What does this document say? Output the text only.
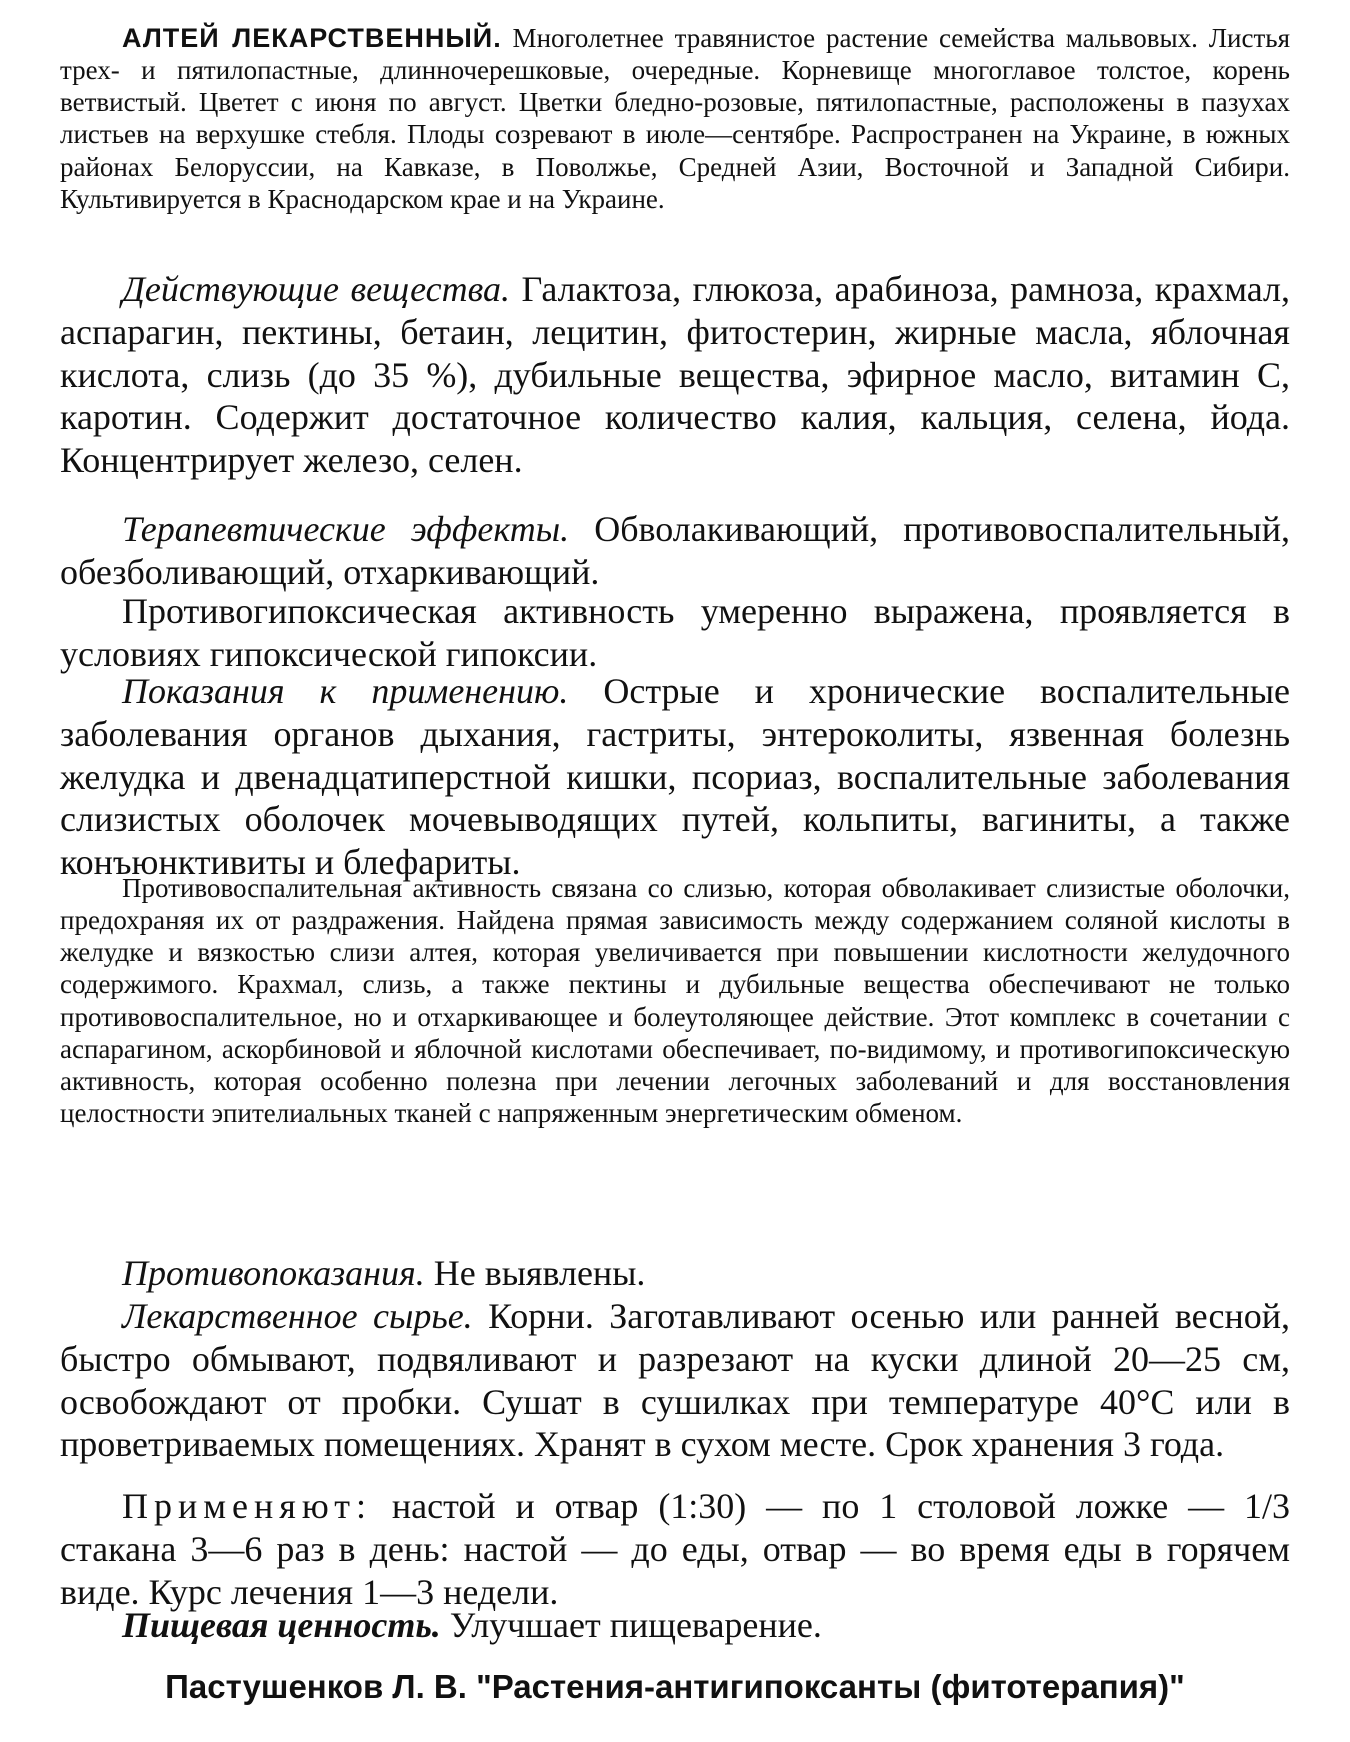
АЛТЕЙ ЛЕКАРСТВЕННЫЙ. Многолетнее травянистое растение семейства мальвовых. Листья трех- и пятилопастные, длинночерешковые, очередные. Корневище многоглавое толстое, корень ветвистый. Цветет с июня по август. Цветки бледно-розовые, пятилопастные, расположены в пазухах листьев на верхушке стебля. Плоды созревают в июле—сентябре. Распространен на Украине, в южных районах Белоруссии, на Кавказе, в Поволжье, Средней Азии, Восточной и Западной Сибири. Культивируется в Краснодарском крае и на Украине.

Действующие вещества. Галактоза, глюкоза, арабиноза, рамноза, крахмал, аспарагин, пектины, бетаин, лецитин, фитостерин, жирные масла, яблочная кислота, слизь (до 35 %), дубильные вещества, эфирное масло, витамин С, каротин. Содержит достаточное количество калия, кальция, селена, йода. Концентрирует железо, селен.

Терапевтические эффекты. Обволакивающий, противовоспалительный, обезболивающий, отхаркивающий.

Противогипоксическая активность умеренно выражена, проявляется в условиях гипоксической гипоксии.

Показания к применению. Острые и хронические воспалительные заболевания органов дыхания, гастриты, энтероколиты, язвенная болезнь желудка и двенадцатиперстной кишки, псориаз, воспалительные заболевания слизистых оболочек мочевыводящих путей, кольпиты, вагиниты, а также конъюнктивиты и блефариты.

Противовоспалительная активность связана со слизью, которая обволакивает слизистые оболочки, предохраняя их от раздражения. Найдена прямая зависимость между содержанием соляной кислоты в желудке и вязкостью слизи алтея, которая увеличивается при повышении кислотности желудочного содержимого. Крахмал, слизь, а также пектины и дубильные вещества обеспечивают не только противовоспалительное, но и отхаркивающее и болеутоляющее действие. Этот комплекс в сочетании с аспарагином, аскорбиновой и яблочной кислотами обеспечивает, по-видимому, и противогипоксическую активность, которая особенно полезна при лечении легочных заболеваний и для восстановления целостности эпителиальных тканей с напряженным энергетическим обменом.

Противопоказания. Не выявлены.

Лекарственное сырье. Корни. Заготавливают осенью или ранней весной, быстро обмывают, подвяливают и разрезают на куски длиной 20—25 см, освобождают от пробки. Сушат в сушилках при температуре 40°С или в проветриваемых помещениях. Хранят в сухом месте. Срок хранения 3 года.

Применяют: настой и отвар (1:30) — по 1 столовой ложке — 1/3 стакана 3—6 раз в день: настой — до еды, отвар — во время еды в горячем виде. Курс лечения 1—3 недели.

Пищевая ценность. Улучшает пищеварение.

Пастушенков Л. В. "Растения-антигипоксанты (фитотерапия)"
